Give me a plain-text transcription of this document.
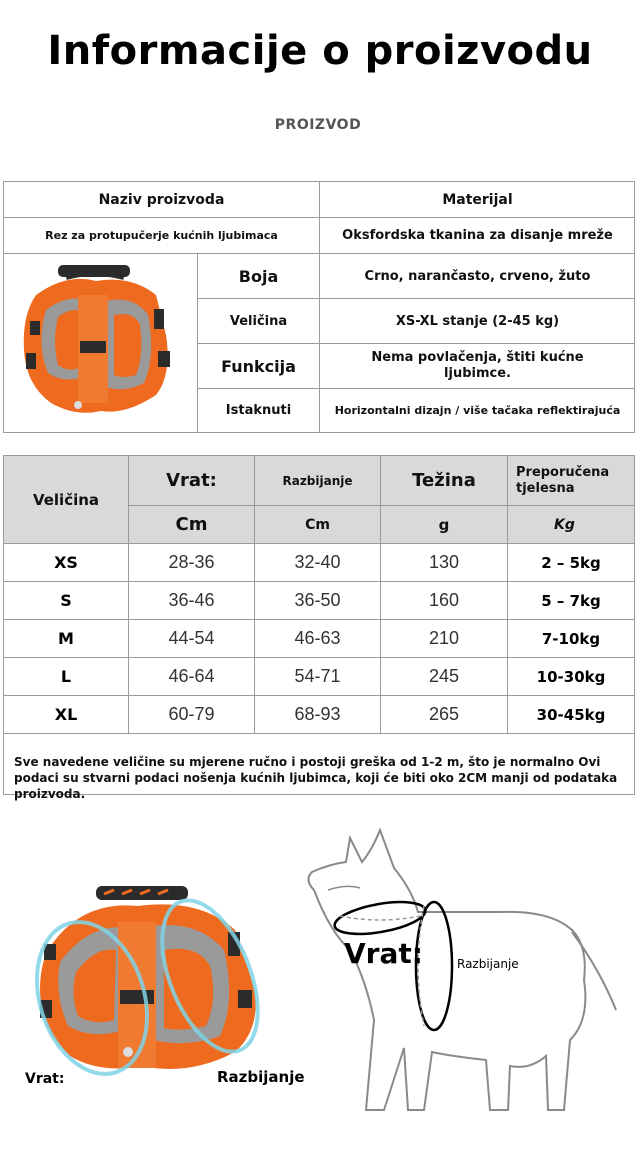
Informacije o proizvodu
PROIZVOD
Naziv proizvoda	Materijal
Rez za protupučerje kućnih ljubimaca	Oksfordska tkanina za disanje mreže
Boja	Crno, narančasto, crveno, žuto
Veličina	XS-XL stanje (2-45 kg)
Funkcija	Nema povlačenja, štiti kućne ljubimce.
Istaknuti	Horizontalni dizajn / više tačaka reflektirajuća
Veličina
Vrat:	Razbijanje	Težina	Preporučena tjelesna
Cm	Cm	g	Kg
XS	28-36	32-40	130	2 – 5kg
S	36-46	36-50	160	5 – 7kg
M	44-54	46-63	210	7-10kg
L	46-64	54-71	245	10-30kg
XL	60-79	68-93	265	30-45kg
Sve navedene veličine su mjerene ručno i postoji greška od 1-2 m, što je normalno Ovi podaci su stvarni podaci nošenja kućnih ljubimca, koji će biti oko 2CM manji od podataka proizvoda.
Vrat:	Razbijanje
Vrat:	Razbijanje
